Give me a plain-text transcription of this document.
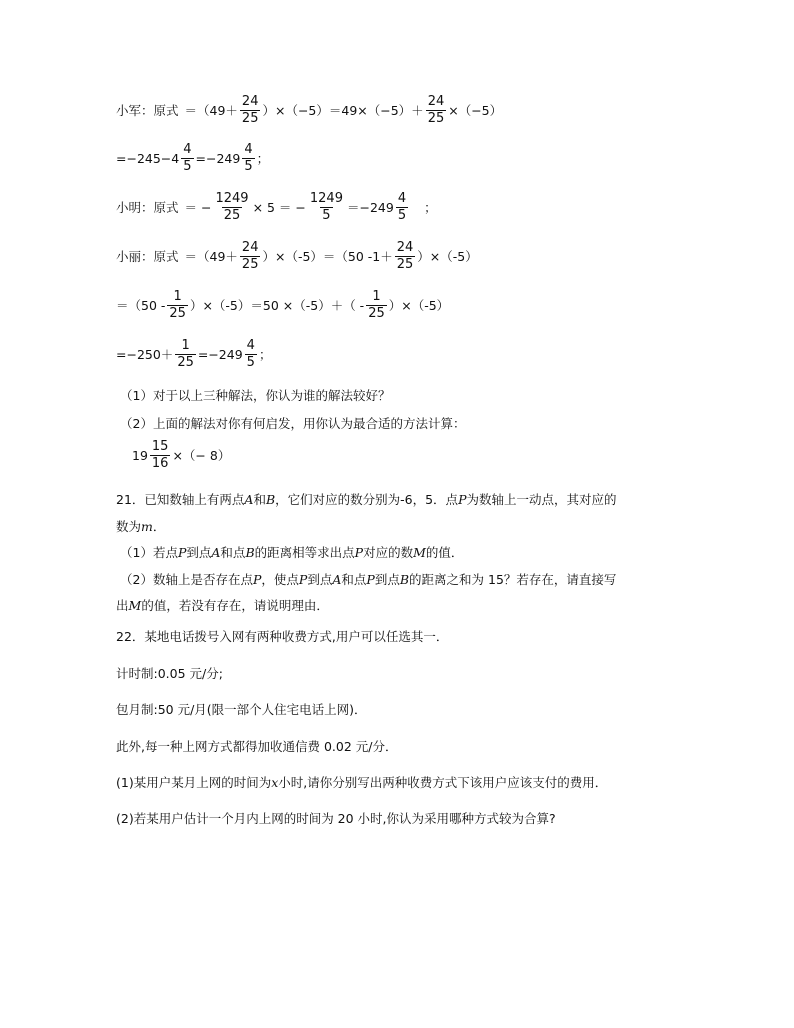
小军：原式 $=(49+ \frac{24}{25} )\times(-5)=49\times(-5)+ \frac{24}{25} \times(-5)$
$=-245-4 \frac{4}{5} =-249 \frac{4}{5}$ ；
小明：原式 ＝ − $\frac{1249}{25} \times 5$ ＝ − $\frac{1249}{5} =-249 \frac{4}{5}$ ；
小丽：原式 $=(49+ \frac{24}{25} )\times(-5)=(50$ $-1+ \frac{24}{25} )\times(-5)$
$=(50 - \frac{1}{25} )\times(-5)=50 \times(-5)+( - \frac{1}{25} )\times(-5)$
$=-250+ \frac{1}{25} =-249 \frac{4}{5}$ ；
（1）对于以上三种解法，你认为谁的解法较好？
（2）上面的解法对你有何启发，用你认为最合适的方法计算：
$19 \frac{15}{16}$ ×（− 8）
21．已知数轴上有两点 A 和 B ，它们对应的数分别为-6，5．点 P 为数轴上一动点，其对应的
数为 m ．
（1）若点 P 到点 A 和点 B 的距离相等求出点 P 对应的数 M 的值．
（2）数轴上是否存在点 P ，使点 P 到点 A 和点 P 到点 B 的距离之和为 15？若存在，请直接写
出 M 的值，若没有存在，请说明理由．
22．某地电话拨号入网有两种收费方式,用户可以任选其一．
计时制:0.05 元/分;
包月制:50 元/月(限一部个人住宅电话上网)．
此外,每一种上网方式都得加收通信费 0.02 元/分．
(1)某用户某月上网的时间为 x 小时,请你分别写出两种收费方式下该用户应该支付的费用．
(2)若某用户估计一个月内上网的时间为 20 小时,你认为采用哪种方式较为合算?
